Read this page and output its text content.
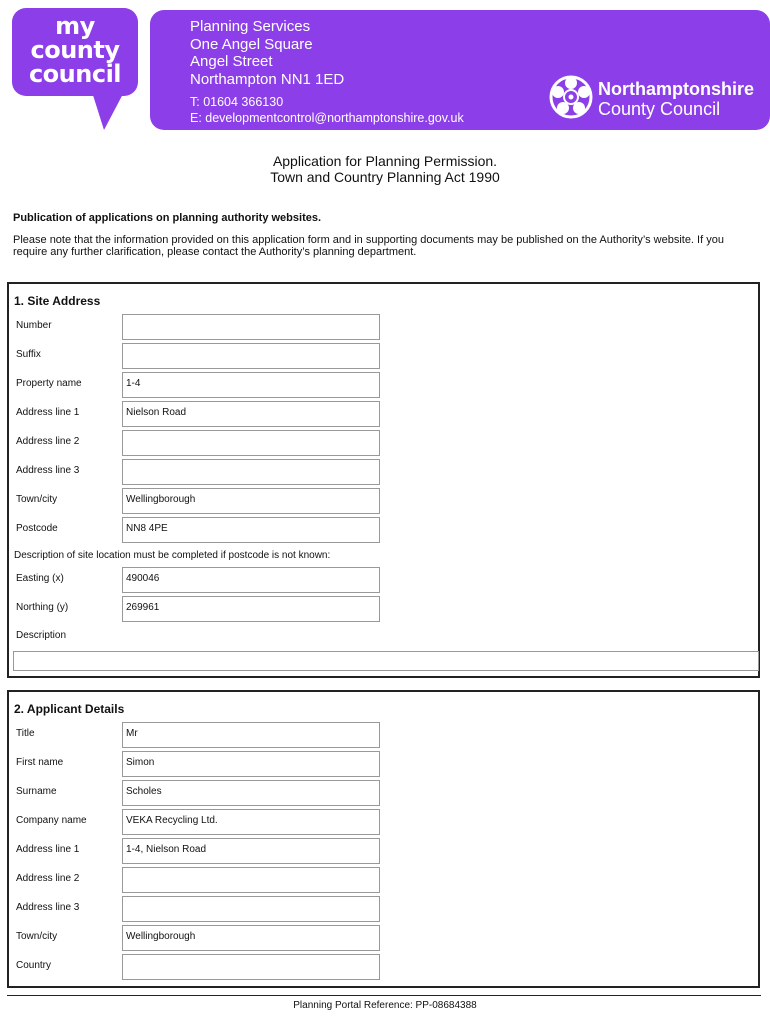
my
county
council
Planning Services
One Angel Square
Angel Street
Northampton NN1 1ED
T: 01604 366130
E: developmentcontrol@northamptonshire.gov.uk
Northamptonshire
County Council
Application for Planning Permission.
Town and Country Planning Act 1990
Publication of applications on planning authority websites.
Please note that the information provided on this application form and in supporting documents may be published on the Authority’s website. If you require any further clarification, please contact the Authority’s planning department.
1. Site Address
Number
Suffix
Property name	1-4
Address line 1	Nielson Road
Address line 2
Address line 3
Town/city	Wellingborough
Postcode	NN8 4PE
Description of site location must be completed if postcode is not known:
Easting (x)	490046
Northing (y)	269961
Description
2. Applicant Details
Title	Mr
First name	Simon
Surname	Scholes
Company name	VEKA Recycling Ltd.
Address line 1	1-4, Nielson Road
Address line 2
Address line 3
Town/city	Wellingborough
Country
Planning Portal Reference: PP-08684388
